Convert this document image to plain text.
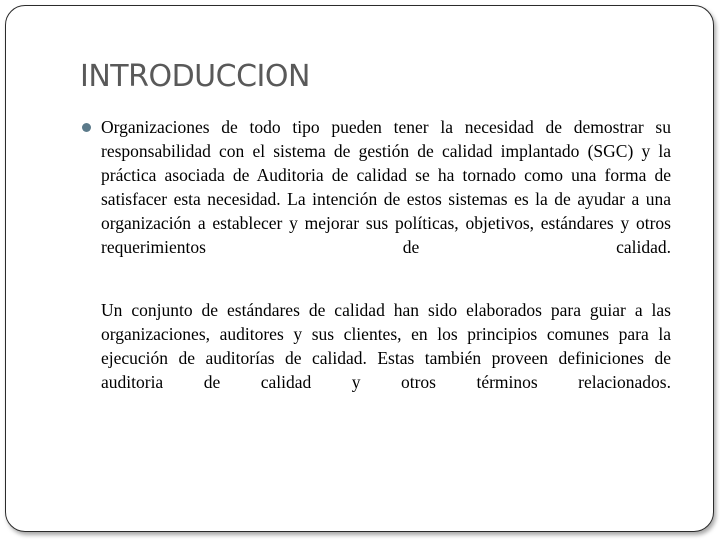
INTRODUCCION

Organizaciones de todo tipo pueden tener la necesidad de demostrar su responsabilidad con el sistema de gestión de calidad implantado (SGC) y la práctica asociada de Auditoria de calidad se ha tornado como una forma de satisfacer esta necesidad. La intención de estos sistemas es la de ayudar a una organización a establecer y mejorar sus políticas, objetivos, estándares y otros requerimientos de calidad.

Un conjunto de estándares de calidad han sido elaborados para guiar a las organizaciones, auditores y sus clientes, en los principios comunes para la ejecución de auditorías de calidad. Estas también proveen definiciones de auditoria de calidad y otros términos relacionados.
